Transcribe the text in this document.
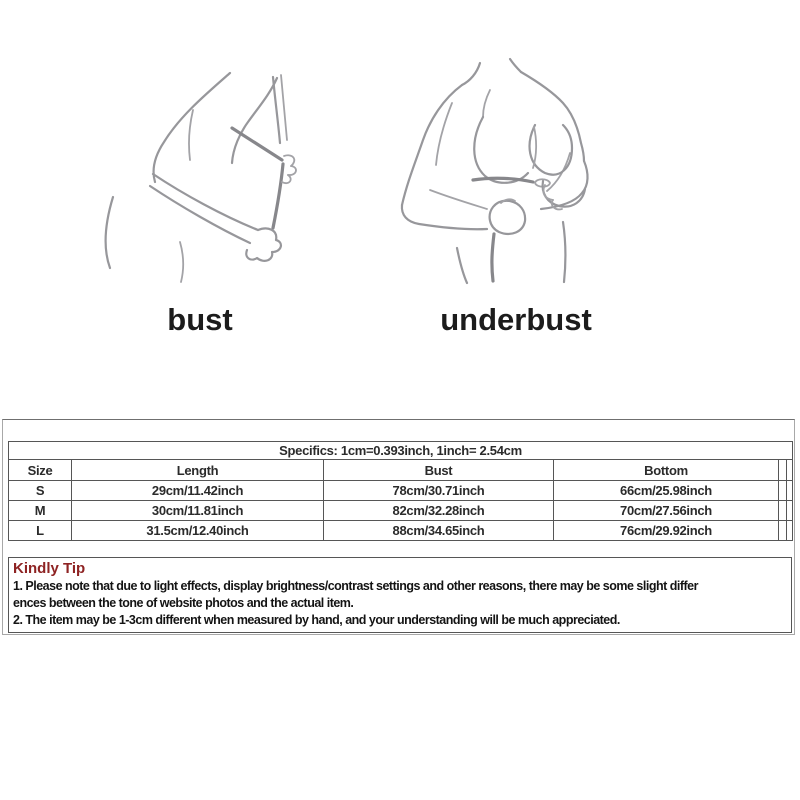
bust	underbust
Specifics: 1cm=0.393inch, 1inch= 2.54cm					
Size	Length	Bust	Bottom		
S	29cm/11.42inch	78cm/30.71inch	66cm/25.98inch		
M	30cm/11.81inch	82cm/32.28inch	70cm/27.56inch		
L	31.5cm/12.40inch	88cm/34.65inch	76cm/29.92inch		
Kindly Tip
1. Please note that due to light effects, display brightness/contrast settings and other reasons, there may be some slight differ
ences between the tone of website photos and the actual item.
2. The item may be 1-3cm different when measured by hand, and your understanding will be much appreciated.
